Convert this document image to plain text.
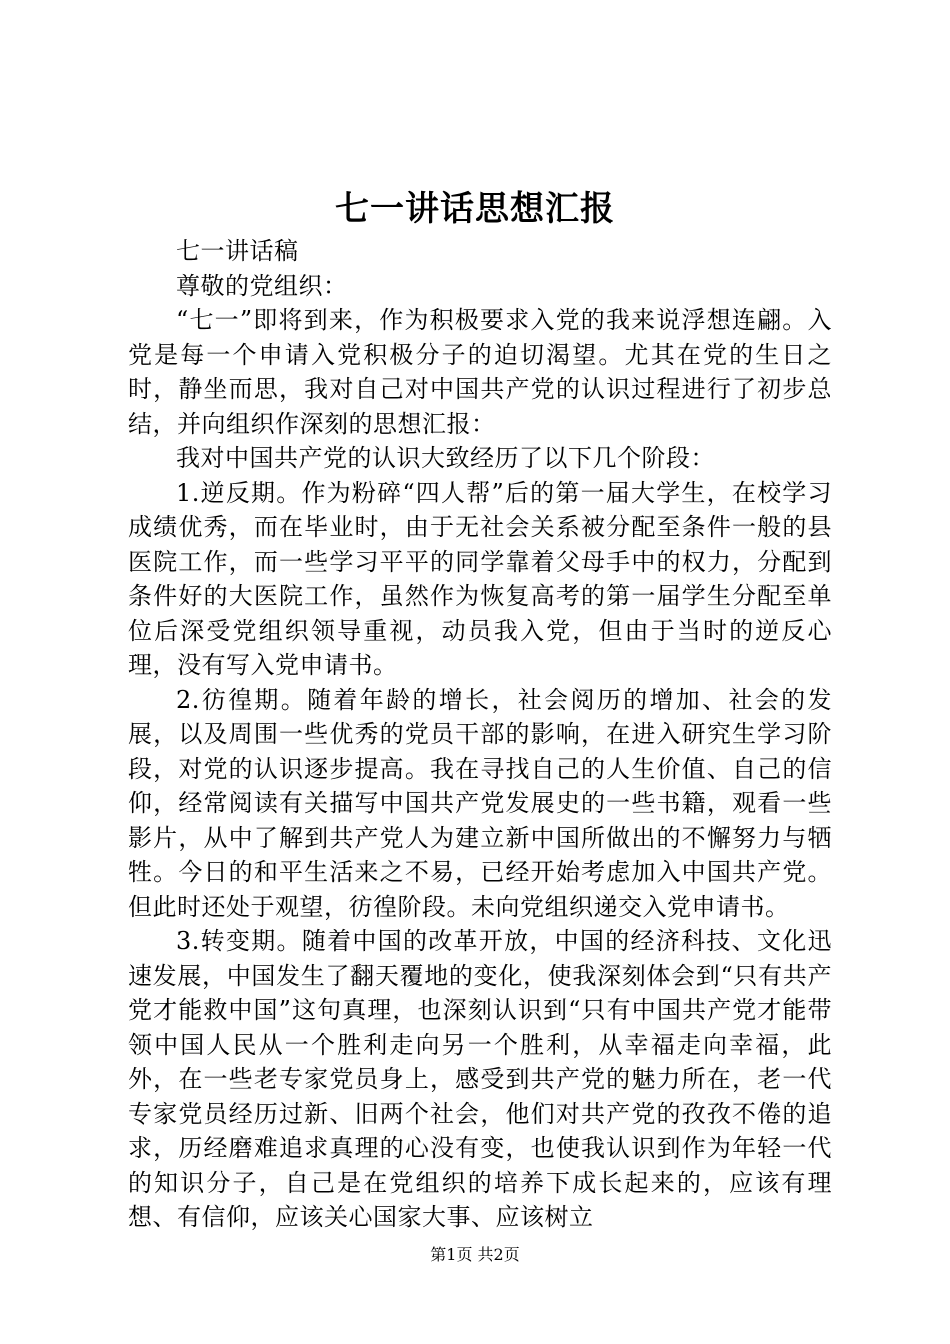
七一讲话思想汇报

七一讲话稿

尊敬的党组织：

“七一”即将到来，作为积极要求入党的我来说浮想连翩。入党是每一个申请入党积极分子的迫切渴望。尤其在党的生日之时，静坐而思，我对自己对中国共产党的认识过程进行了初步总结，并向组织作深刻的思想汇报：

我对中国共产党的认识大致经历了以下几个阶段：

1.逆反期。作为粉碎“四人帮”后的第一届大学生，在校学习成绩优秀，而在毕业时，由于无社会关系被分配至条件一般的县医院工作，而一些学习平平的同学靠着父母手中的权力，分配到条件好的大医院工作，虽然作为恢复高考的第一届学生分配至单位后深受党组织领导重视，动员我入党，但由于当时的逆反心理，没有写入党申请书。

2.彷徨期。随着年龄的增长，社会阅历的增加、社会的发展，以及周围一些优秀的党员干部的影响，在进入研究生学习阶段，对党的认识逐步提高。我在寻找自己的人生价值、自己的信仰，经常阅读有关描写中国共产党发展史的一些书籍，观看一些影片，从中了解到共产党人为建立新中国所做出的不懈努力与牺牲。今日的和平生活来之不易，已经开始考虑加入中国共产党。但此时还处于观望，彷徨阶段。未向党组织递交入党申请书。

3.转变期。随着中国的改革开放，中国的经济科技、文化迅速发展，中国发生了翻天覆地的变化，使我深刻体会到“只有共产党才能救中国”这句真理，也深刻认识到“只有中国共产党才能带领中国人民从一个胜利走向另一个胜利，从幸福走向幸福，此外，在一些老专家党员身上，感受到共产党的魅力所在，老一代专家党员经历过新、旧两个社会，他们对共产党的孜孜不倦的追求，历经磨难追求真理的心没有变，也使我认识到作为年轻一代的知识分子，自己是在党组织的培养下成长起来的，应该有理想、有信仰，应该关心国家大事、应该树立

第1页 共2页
